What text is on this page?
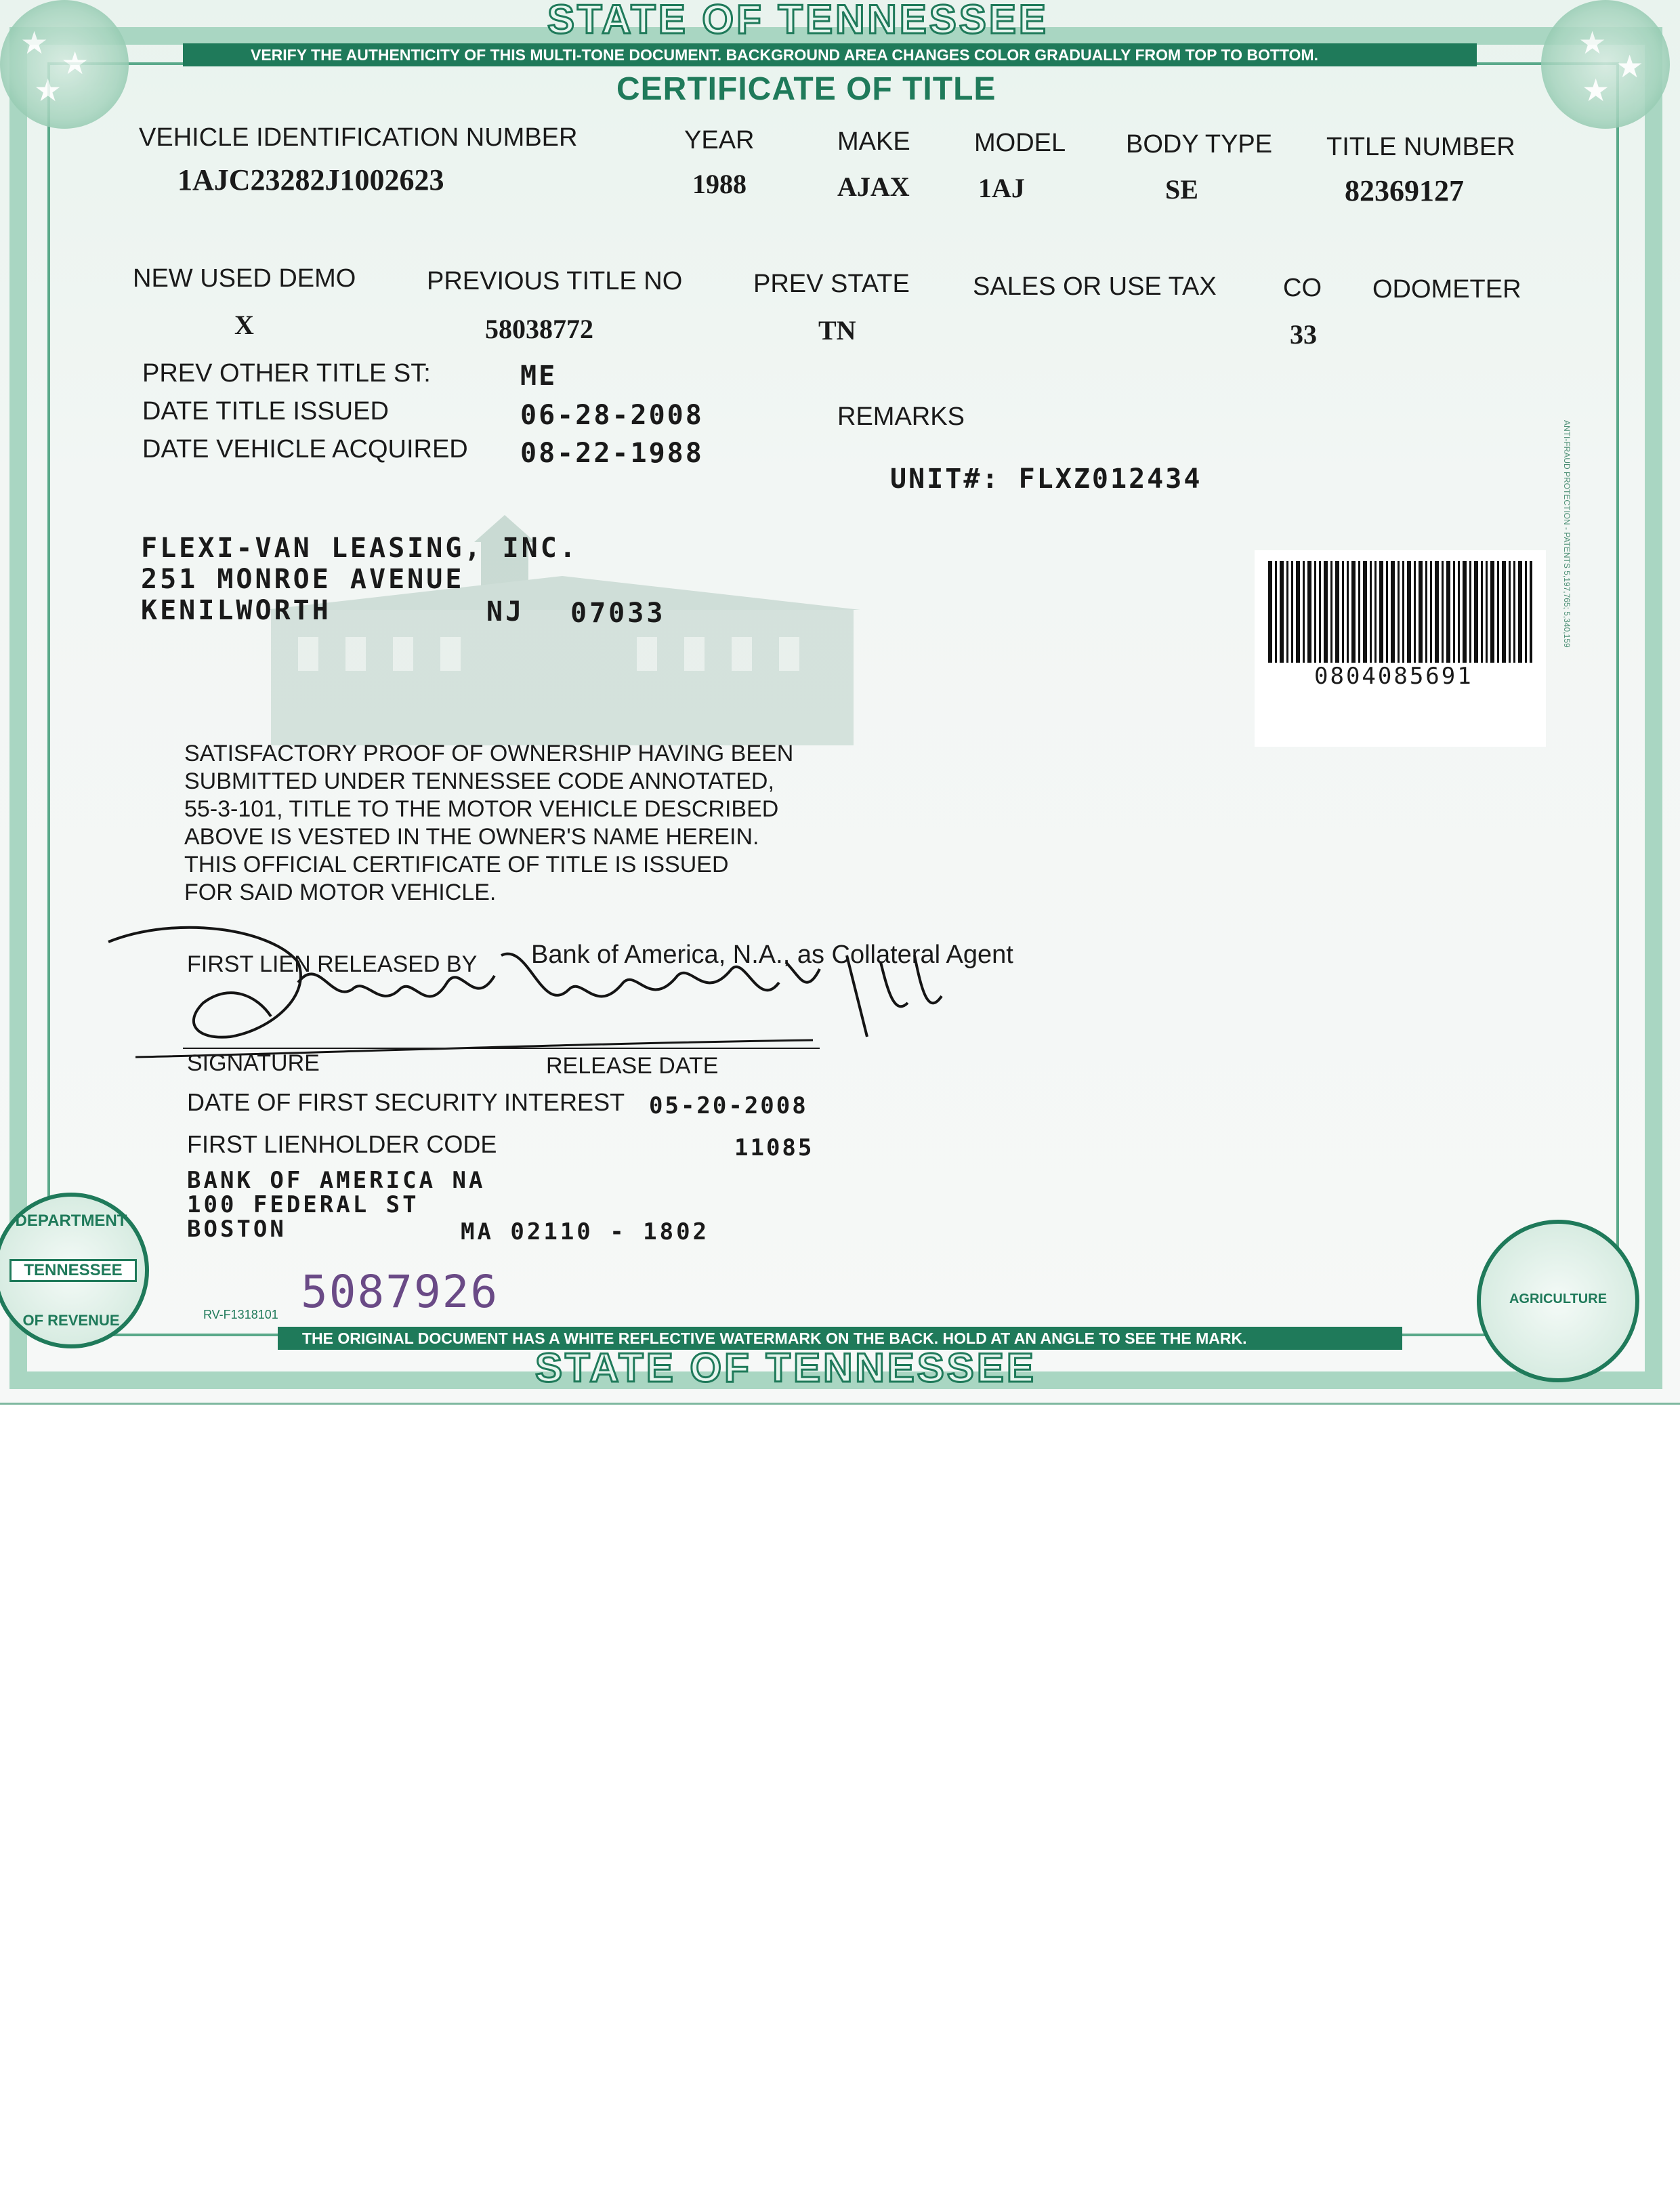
★
★
★
★
★
★
STATE OF TENNESSEE
VERIFY THE AUTHENTICITY OF THIS MULTI-TONE DOCUMENT. BACKGROUND AREA CHANGES COLOR GRADUALLY FROM TOP TO BOTTOM.
CERTIFICATE OF TITLE
ANTI-FRAUD PROTECTION - PATENTS 5,197,765; 5,340,159
VEHICLE IDENTIFICATION NUMBER
1AJC23282J1002623
YEAR
1988
MAKE
AJAX
MODEL
1AJ
BODY TYPE
SE
TITLE NUMBER
82369127
NEW USED DEMO
X
PREVIOUS TITLE NO
58038772
PREV STATE
TN
SALES OR USE TAX	CO
33
ODOMETER
PREV OTHER TITLE ST:	ME
DATE TITLE ISSUED	06-28-2008
DATE VEHICLE ACQUIRED 08-22-1988
REMARKS
UNIT#: FLXZ012434
FLEXI-VAN LEASING, INC.
251 MONROE AVENUE
KENILWORTH	NJ 07033
0804085691
SATISFACTORY PROOF OF OWNERSHIP HAVING BEEN
SUBMITTED UNDER TENNESSEE CODE ANNOTATED,
55-3-101, TITLE TO THE MOTOR VEHICLE DESCRIBED
ABOVE IS VESTED IN THE OWNER'S NAME HEREIN.
THIS OFFICIAL CERTIFICATE OF TITLE IS ISSUED
FOR SAID MOTOR VEHICLE.
FIRST LIEN RELEASED BY Bank of America, N.A., as Collateral Agent
SIGNATURE	RELEASE DATE
DATE OF FIRST SECURITY INTEREST 05-20-2008
FIRST LIENHOLDER CODE	11085
BANK OF AMERICA NA
100 FEDERAL ST
BOSTON	MA 02110 - 1802
DEPARTMENT
TENNESSEE
OF REVENUE
AGRICULTURE
RV-F1318101 5087926
THE ORIGINAL DOCUMENT HAS A WHITE REFLECTIVE WATERMARK ON THE BACK. HOLD AT AN ANGLE TO SEE THE MARK.
STATE OF TENNESSEE
